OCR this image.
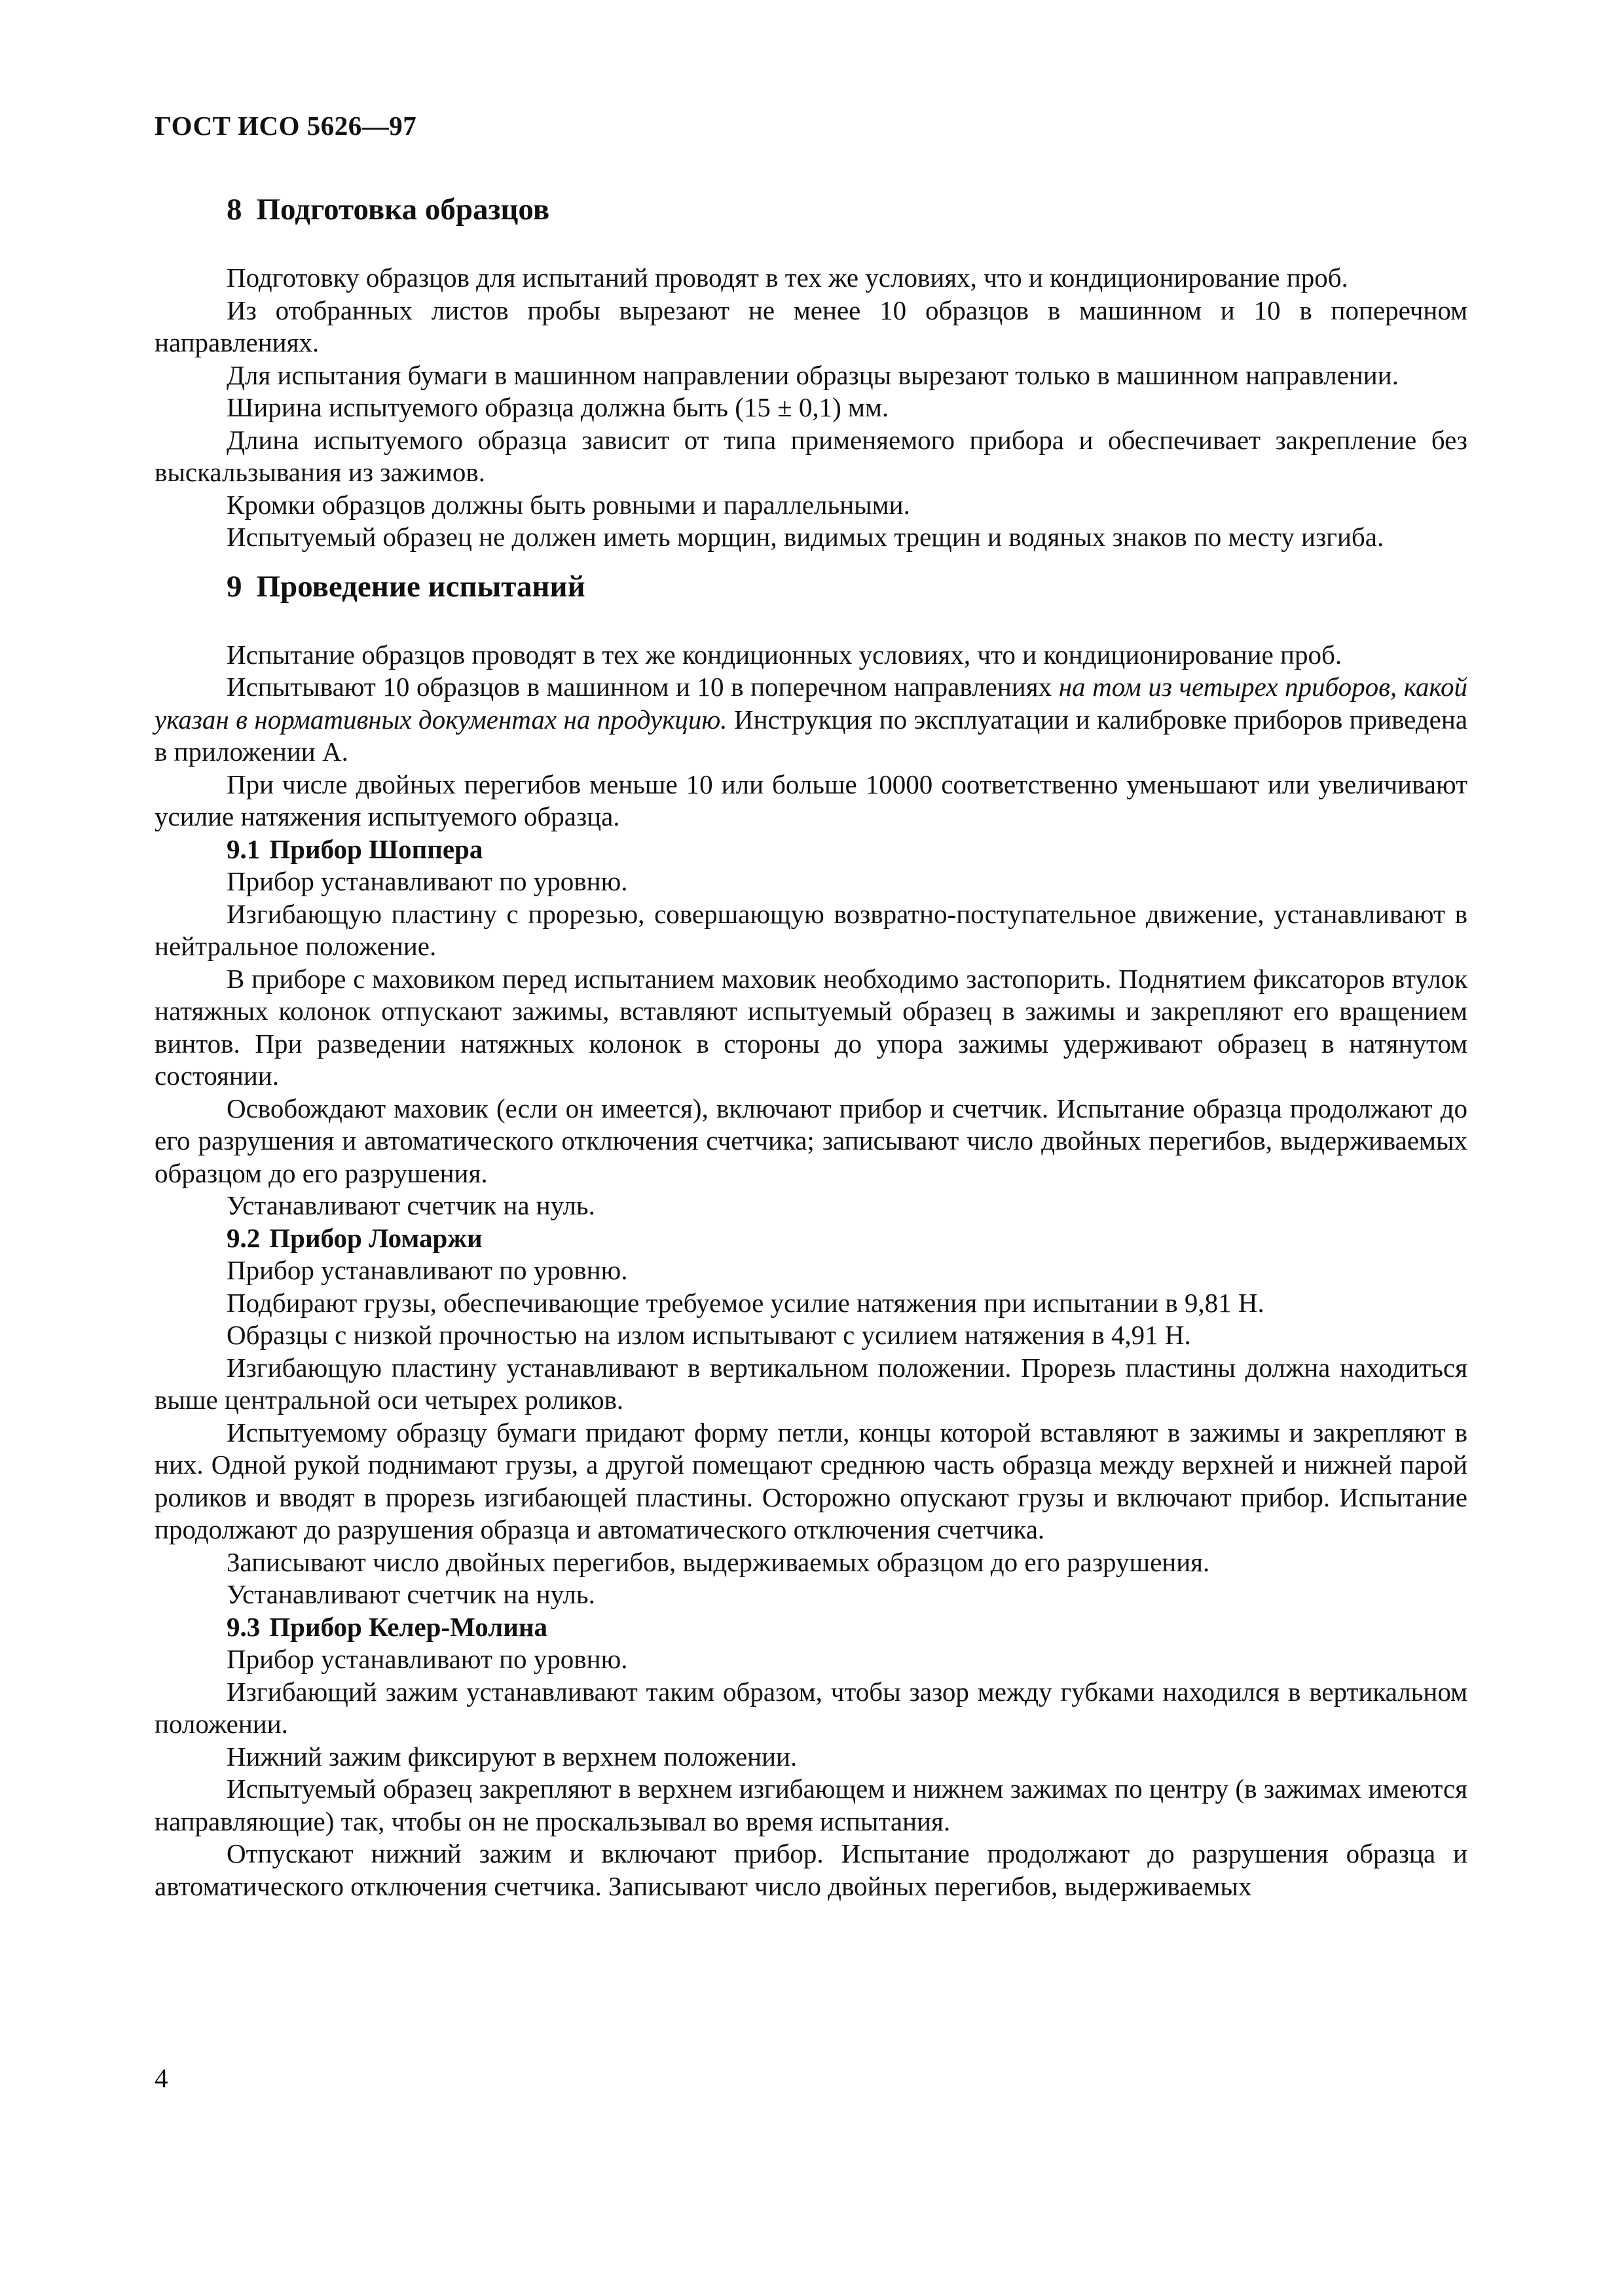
ГОСТ ИСО 5626—97
8 Подготовка образцов

Подготовку образцов для испытаний проводят в тех же условиях, что и кондиционирование проб.

Из отобранных листов пробы вырезают не менее 10 образцов в машинном и 10 в поперечном направлениях.

Для испытания бумаги в машинном направлении образцы вырезают только в машинном направлении.

Ширина испытуемого образца должна быть (15 ± 0,1) мм.

Длина испытуемого образца зависит от типа применяемого прибора и обеспечивает закрепление без выскальзывания из зажимов.

Кромки образцов должны быть ровными и параллельными.

Испытуемый образец не должен иметь морщин, видимых трещин и водяных знаков по месту изгиба.

9 Проведение испытаний

Испытание образцов проводят в тех же кондиционных условиях, что и кондиционирование проб.

Испытывают 10 образцов в машинном и 10 в поперечном направлениях на том из четырех приборов, какой указан в нормативных документах на продукцию. Инструкция по эксплуатации и калибровке приборов приведена в приложении А.

При числе двойных перегибов меньше 10 или больше 10000 соответственно уменьшают или увеличивают усилие натяжения испытуемого образца.

9.1 Прибор Шоппера

Прибор устанавливают по уровню.

Изгибающую пластину с прорезью, совершающую возвратно-поступательное движение, устанавливают в нейтральное положение.

В приборе с маховиком перед испытанием маховик необходимо застопорить. Поднятием фиксаторов втулок натяжных колонок отпускают зажимы, вставляют испытуемый образец в зажимы и закрепляют его вращением винтов. При разведении натяжных колонок в стороны до упора зажимы удерживают образец в натянутом состоянии.

Освобождают маховик (если он имеется), включают прибор и счетчик. Испытание образца продолжают до его разрушения и автоматического отключения счетчика; записывают число двойных перегибов, выдерживаемых образцом до его разрушения.

Устанавливают счетчик на нуль.

9.2 Прибор Ломаржи

Прибор устанавливают по уровню.

Подбирают грузы, обеспечивающие требуемое усилие натяжения при испытании в 9,81 Н.

Образцы с низкой прочностью на излом испытывают с усилием натяжения в 4,91 Н.

Изгибающую пластину устанавливают в вертикальном положении. Прорезь пластины должна находиться выше центральной оси четырех роликов.

Испытуемому образцу бумаги придают форму петли, концы которой вставляют в зажимы и закрепляют в них. Одной рукой поднимают грузы, а другой помещают среднюю часть образца между верхней и нижней парой роликов и вводят в прорезь изгибающей пластины. Осторожно опускают грузы и включают прибор. Испытание продолжают до разрушения образца и автоматического отключения счетчика.

Записывают число двойных перегибов, выдерживаемых образцом до его разрушения.

Устанавливают счетчик на нуль.

9.3 Прибор Келер-Молина

Прибор устанавливают по уровню.

Изгибающий зажим устанавливают таким образом, чтобы зазор между губками находился в вертикальном положении.

Нижний зажим фиксируют в верхнем положении.

Испытуемый образец закрепляют в верхнем изгибающем и нижнем зажимах по центру (в зажимах имеются направляющие) так, чтобы он не проскальзывал во время испытания.

Отпускают нижний зажим и включают прибор. Испытание продолжают до разрушения образца и автоматического отключения счетчика. Записывают число двойных перегибов, выдерживаемых

4
